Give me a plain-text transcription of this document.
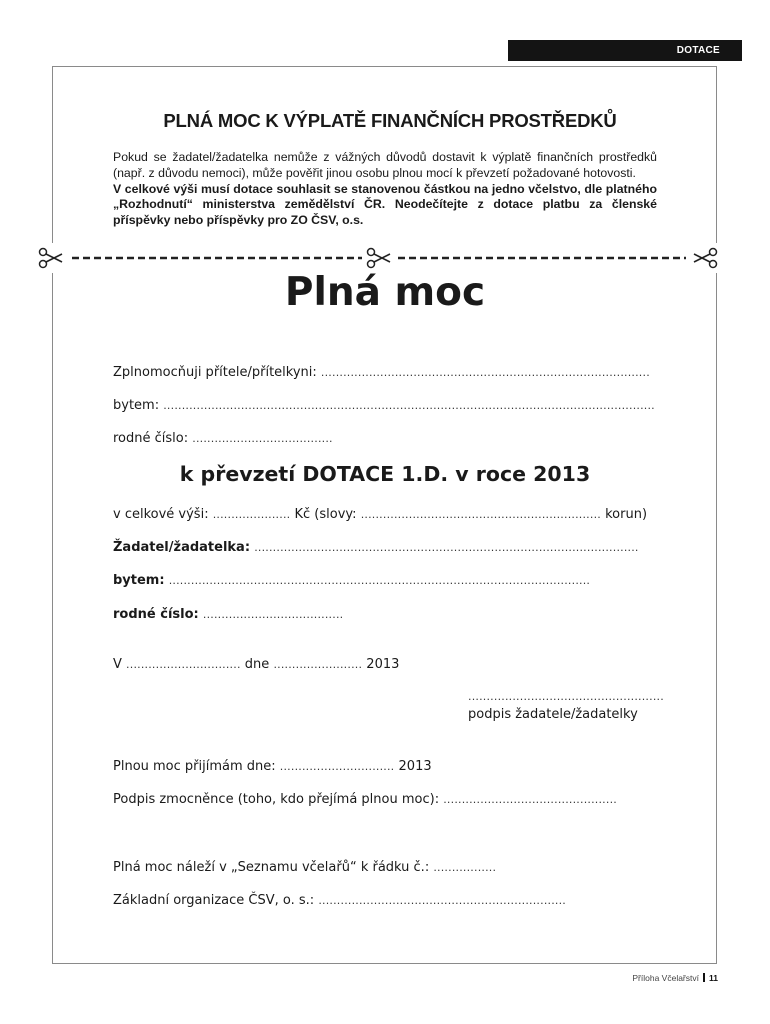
DOTACE
PLNÁ MOC K VÝPLATĚ FINANČNÍCH PROSTŘEDKŮ
Pokud se žadatel/žadatelka nemůže z vážných důvodů dostavit k výplatě finančních prostředků (např. z důvodu nemoci), může pověřit jinou osobu plnou mocí k převzetí požadované hotovosti.
V celkové výši musí dotace souhlasit se stanovenou částkou na jedno včelstvo, dle platného „Rozhodnutí“ ministerstva zemědělství ČR. Neodečítejte z dotace platbu za členské příspěvky nebo příspěvky pro ZO ČSV, o.s.
Plná moc
Zplnomocňuji přítele/přítelkyni: .........................................................................................
bytem: .....................................................................................................................................
rodné číslo: ......................................
k převzetí DOTACE 1.D. v roce 2013
v celkové výši: ..................... Kč (slovy: ................................................................. korun)
Žadatel/žadatelka: ........................................................................................................
bytem: ..................................................................................................................
rodné číslo: ......................................
V ............................... dne ........................ 2013
.....................................................
podpis žadatele/žadatelky
Plnou moc přijímám dne: ............................... 2013
Podpis zmocněnce (toho, kdo přejímá plnou moc): ...............................................
Plná moc náleží v „Seznamu včelařů“ k řádku č.: .................
Základní organizace ČSV, o. s.: ...................................................................
Příloha Včelařství 11
